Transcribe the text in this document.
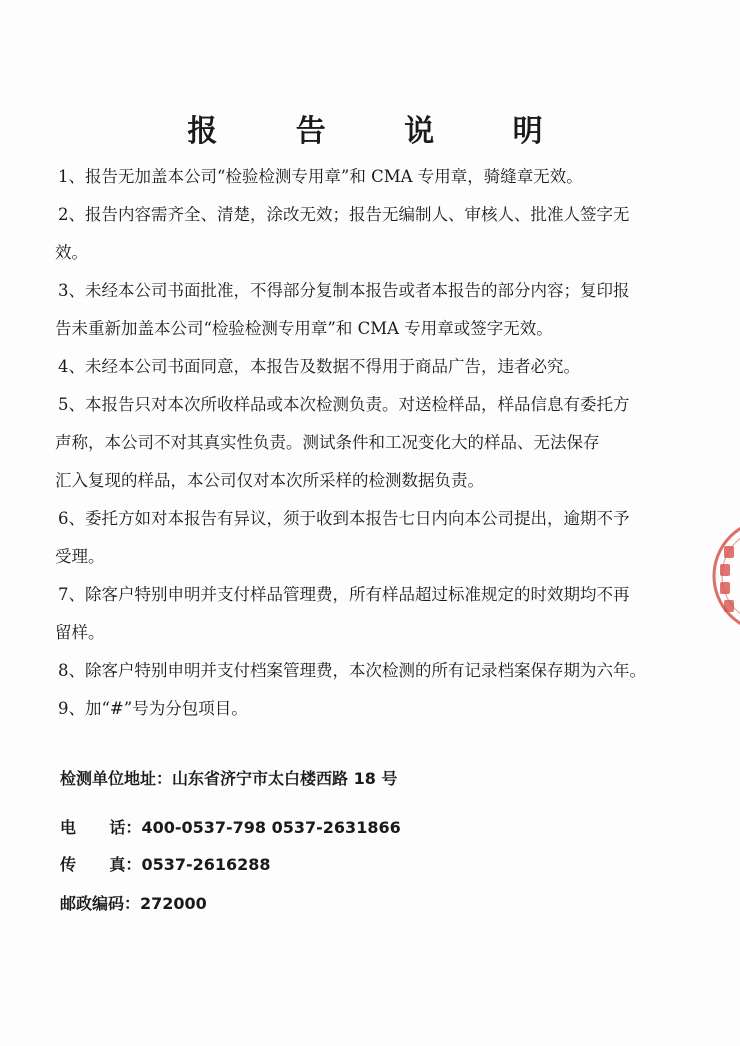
报 告 说 明
1、 报告无加盖本公司“检验检测专用章”和 CMA 专用章，骑缝章无效。
2、 报告内容需齐全、清楚，涂改无效；报告无编制人、审核人、批准人签字无
效。
3、 未经本公司书面批准，不得部分复制本报告或者本报告的部分内容；复印报
告未重新加盖本公司“检验检测专用章”和 CMA 专用章或签字无效。
4、 未经本公司书面同意，本报告及数据不得用于商品广告，违者必究。
5、 本报告只对本次所收样品或本次检测负责。对送检样品，样品信息有委托方
声称，本公司不对其真实性负责。测试条件和工况变化大的样品、无法保存
汇入复现的样品，本公司仅对本次所采样的检测数据负责。
6、 委托方如对本报告有异议，须于收到本报告七日内向本公司提出，逾期不予
受理。
7、 除客户特别申明并支付样品管理费，所有样品超过标准规定的时效期均不再
留样。
8、 除客户特别申明并支付档案管理费，本次检测的所有记录档案保存期为六年。
9、 加“#”号为分包项目。
检测单位地址：山东省济宁市太白楼西路 18 号
电      话：400-0537-798 0537-2631866
传      真：0537-2616288
邮政编码：272000
